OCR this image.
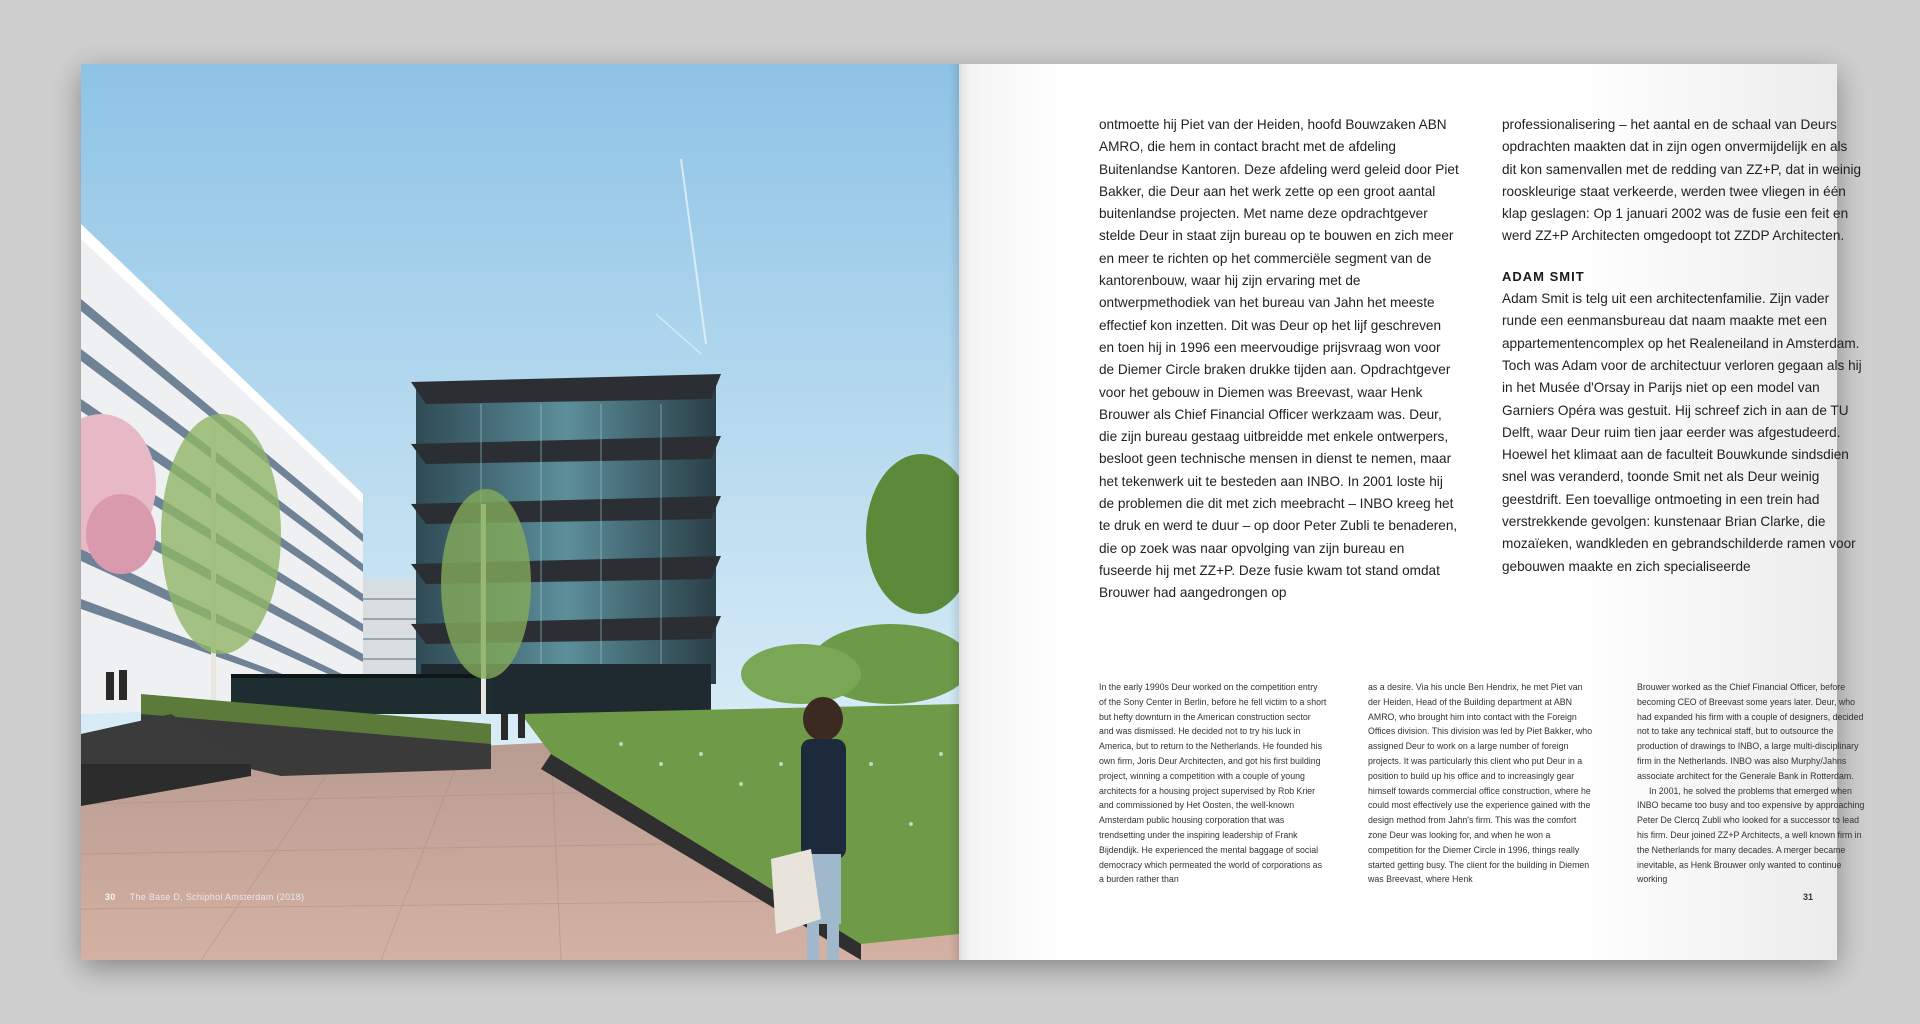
30 The Base D, Schiphol Amsterdam (2018)

ontmoette hij Piet van der Heiden, hoofd Bouwzaken ABN AMRO, die hem in contact bracht met de afdeling Buitenlandse Kantoren. Deze afdeling werd geleid door Piet Bakker, die Deur aan het werk zette op een groot aantal buitenlandse projecten. Met name deze opdrachtgever stelde Deur in staat zijn bureau op te bouwen en zich meer en meer te richten op het commerciële segment van de kantorenbouw, waar hij zijn ervaring met de ontwerpmethodiek van het bureau van Jahn het meeste effectief kon inzetten. Dit was Deur op het lijf geschreven en toen hij in 1996 een meervoudige prijsvraag won voor de Diemer Circle braken drukke tijden aan. Opdrachtgever voor het gebouw in Diemen was Breevast, waar Henk Brouwer als Chief Financial Officer werkzaam was. Deur, die zijn bureau gestaag uitbreidde met enkele ontwerpers, besloot geen technische mensen in dienst te nemen, maar het tekenwerk uit te besteden aan INBO. In 2001 loste hij de problemen die dit met zich meebracht – INBO kreeg het te druk en werd te duur – op door Peter Zubli te benaderen, die op zoek was naar opvolging van zijn bureau en fuseerde hij met ZZ+P. Deze fusie kwam tot stand omdat Brouwer had aangedrongen op

professionalisering – het aantal en de schaal van Deurs opdrachten maakten dat in zijn ogen onvermijdelijk en als dit kon samenvallen met de redding van ZZ+P, dat in weinig rooskleurige staat verkeerde, werden twee vliegen in één klap geslagen: Op 1 januari 2002 was de fusie een feit en werd ZZ+P Architecten omgedoopt tot ZZDP Architecten.

ADAM SMIT

Adam Smit is telg uit een architectenfamilie. Zijn vader runde een eenmansbureau dat naam maakte met een appartementencomplex op het Realeneiland in Amsterdam. Toch was Adam voor de architectuur verloren gegaan als hij in het Musée d'Orsay in Parijs niet op een model van Garniers Opéra was gestuit. Hij schreef zich in aan de TU Delft, waar Deur ruim tien jaar eerder was afgestudeerd. Hoewel het klimaat aan de faculteit Bouwkunde sindsdien snel was veranderd, toonde Smit net als Deur weinig geestdrift. Een toevallige ontmoeting in een trein had verstrekkende gevolgen: kunstenaar Brian Clarke, die mozaïeken, wandkleden en gebrandschilderde ramen voor gebouwen maakte en zich specialiseerde

In the early 1990s Deur worked on the competition entry of the Sony Center in Berlin, before he fell victim to a short but hefty downturn in the American construction sector and was dismissed. He decided not to try his luck in America, but to return to the Netherlands. He founded his own firm, Joris Deur Architecten, and got his first building project, winning a competition with a couple of young architects for a housing project supervised by Rob Krier and commissioned by Het Oosten, the well-known Amsterdam public housing corporation that was trendsetting under the inspiring leadership of Frank Bijdendijk. He experienced the mental baggage of social democracy which permeated the world of corporations as a burden rather than

as a desire. Via his uncle Ben Hendrix, he met Piet van der Heiden, Head of the Building department at ABN AMRO, who brought him into contact with the Foreign Offices division. This division was led by Piet Bakker, who assigned Deur to work on a large number of foreign projects. It was particularly this client who put Deur in a position to build up his office and to increasingly gear himself towards commercial office construction, where he could most effectively use the experience gained with the design method from Jahn's firm. This was the comfort zone Deur was looking for, and when he won a competition for the Diemer Circle in 1996, things really started getting busy. The client for the building in Diemen was Breevast, where Henk

Brouwer worked as the Chief Financial Officer, before becoming CEO of Breevast some years later. Deur, who had expanded his firm with a couple of designers, decided not to take any technical staff, but to outsource the production of drawings to INBO, a large multi-disciplinary firm in the Netherlands. INBO was also Murphy/Jahns associate architect for the Generale Bank in Rotterdam.

In 2001, he solved the problems that emerged when INBO became too busy and too expensive by approaching Peter De Clercq Zubli who looked for a successor to lead his firm. Deur joined ZZ+P Architects, a well known firm in the Netherlands for many decades. A merger became inevitable, as Henk Brouwer only wanted to continue working

31
